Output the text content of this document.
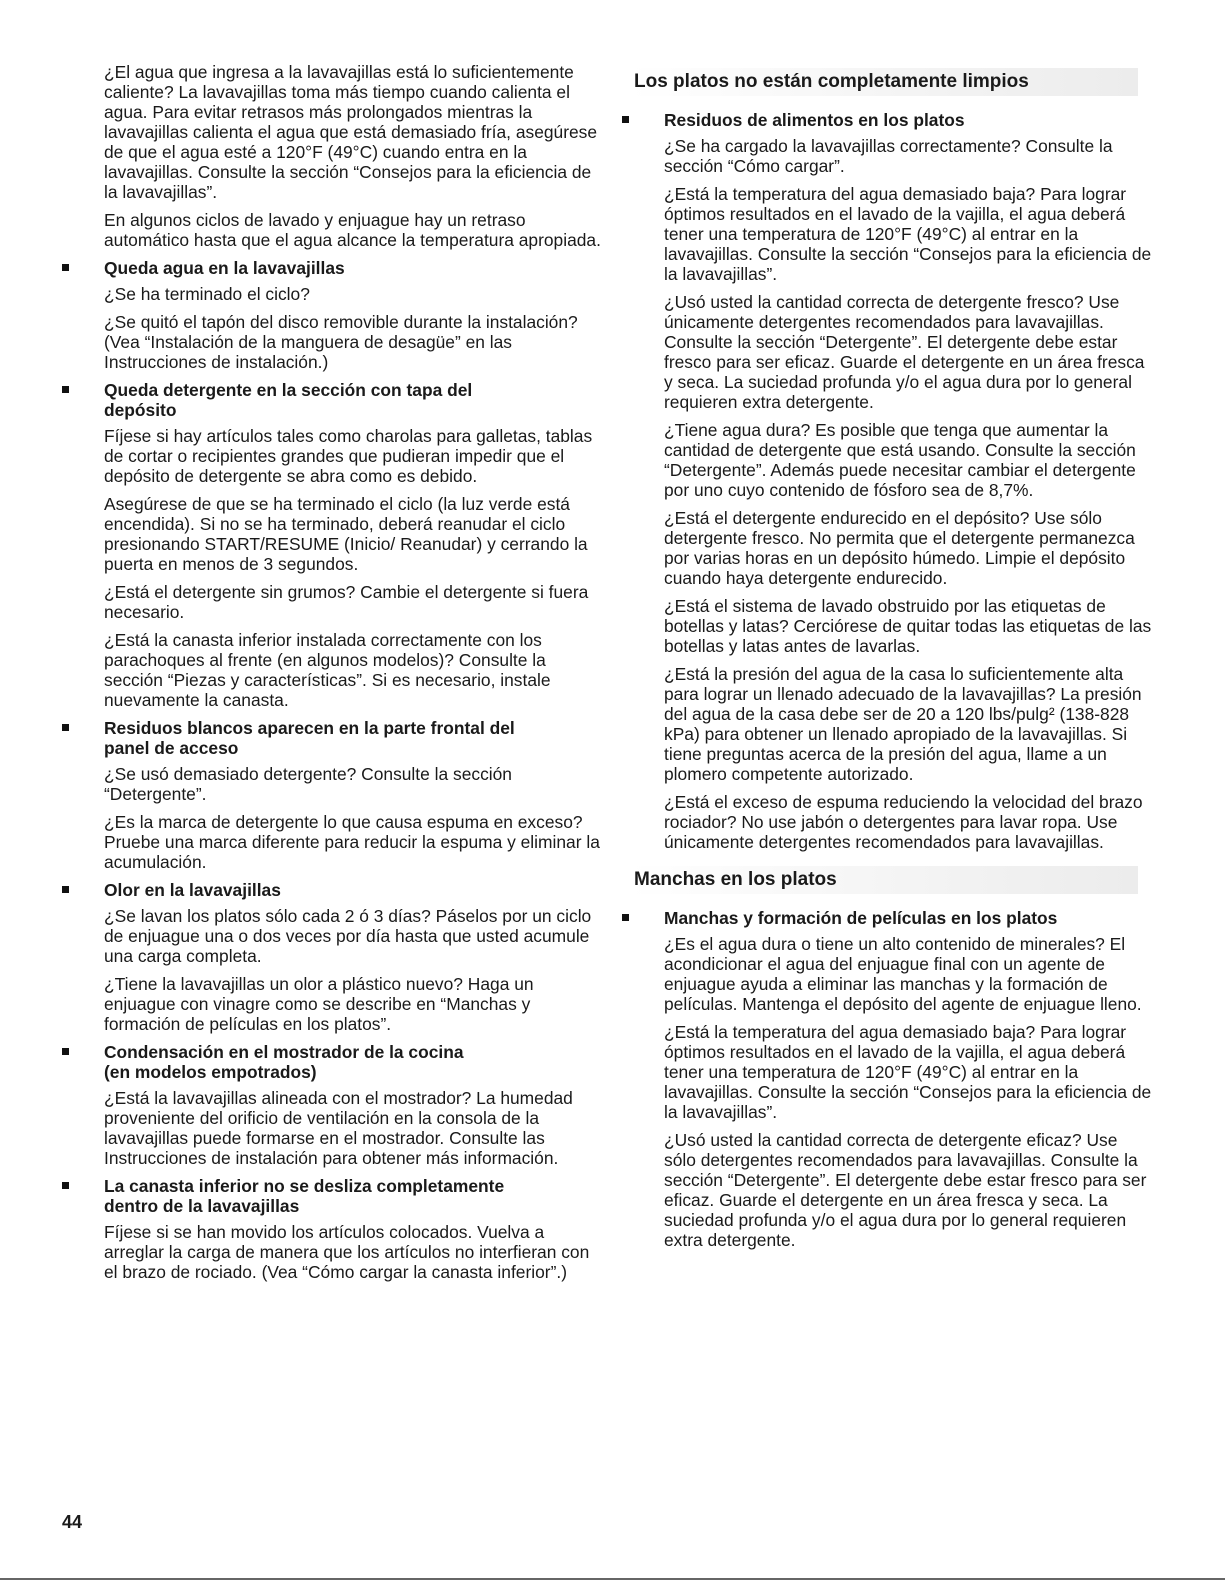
¿El agua que ingresa a la lavavajillas está lo suficientemente caliente? La lavavajillas toma más tiempo cuando calienta el agua. Para evitar retrasos más prolongados mientras la lavavajillas calienta el agua que está demasiado fría, asegúrese de que el agua esté a 120°F (49°C) cuando entra en la lavavajillas. Consulte la sección “Consejos para la eficiencia de la lavavajillas”.

En algunos ciclos de lavado y enjuague hay un retraso automático hasta que el agua alcance la temperatura apropiada.

Queda agua en la lavavajillas

¿Se ha terminado el ciclo?

¿Se quitó el tapón del disco removible durante la instalación? (Vea “Instalación de la manguera de desagüe” en las Instrucciones de instalación.)

Queda detergente en la sección con tapa del
depósito

Fíjese si hay artículos tales como charolas para galletas, tablas de cortar o recipientes grandes que pudieran impedir que el depósito de detergente se abra como es debido.

Asegúrese de que se ha terminado el ciclo (la luz verde está encendida). Si no se ha terminado, deberá reanudar el ciclo presionando START/RESUME (Inicio/ Reanudar) y cerrando la puerta en menos de 3 segundos.

¿Está el detergente sin grumos? Cambie el detergente si fuera necesario.

¿Está la canasta inferior instalada correctamente con los parachoques al frente (en algunos modelos)? Consulte la sección “Piezas y características”. Si es necesario, instale nuevamente la canasta.

Residuos blancos aparecen en la parte frontal del
panel de acceso

¿Se usó demasiado detergente? Consulte la sección “Detergente”.

¿Es la marca de detergente lo que causa espuma en exceso? Pruebe una marca diferente para reducir la espuma y eliminar la acumulación.

Olor en la lavavajillas

¿Se lavan los platos sólo cada 2 ó 3 días? Páselos por un ciclo de enjuague una o dos veces por día hasta que usted acumule una carga completa.

¿Tiene la lavavajillas un olor a plástico nuevo? Haga un enjuague con vinagre como se describe en “Manchas y formación de películas en los platos”.

Condensación en el mostrador de la cocina
(en modelos empotrados)

¿Está la lavavajillas alineada con el mostrador? La humedad proveniente del orificio de ventilación en la consola de la lavavajillas puede formarse en el mostrador. Consulte las Instrucciones de instalación para obtener más información.

La canasta inferior no se desliza completamente
dentro de la lavavajillas

Fíjese si se han movido los artículos colocados. Vuelva a arreglar la carga de manera que los artículos no interfieran con el brazo de rociado. (Vea “Cómo cargar la canasta inferior”.)

Los platos no están completamente limpios
Residuos de alimentos en los platos

¿Se ha cargado la lavavajillas correctamente? Consulte la sección “Cómo cargar”.

¿Está la temperatura del agua demasiado baja? Para lograr óptimos resultados en el lavado de la vajilla, el agua deberá tener una temperatura de 120°F (49°C) al entrar en la lavavajillas. Consulte la sección “Consejos para la eficiencia de la lavavajillas”.

¿Usó usted la cantidad correcta de detergente fresco? Use únicamente detergentes recomendados para lavavajillas. Consulte la sección “Detergente”. El detergente debe estar fresco para ser eficaz. Guarde el detergente en un área fresca y seca. La suciedad profunda y/o el agua dura por lo general requieren extra detergente.

¿Tiene agua dura? Es posible que tenga que aumentar la cantidad de detergente que está usando. Consulte la sección “Detergente”. Además puede necesitar cambiar el detergente por uno cuyo contenido de fósforo sea de 8,7%.

¿Está el detergente endurecido en el depósito? Use sólo detergente fresco. No permita que el detergente permanezca por varias horas en un depósito húmedo. Limpie el depósito cuando haya detergente endurecido.

¿Está el sistema de lavado obstruido por las etiquetas de botellas y latas? Cerciórese de quitar todas las etiquetas de las botellas y latas antes de lavarlas.

¿Está la presión del agua de la casa lo suficientemente alta para lograr un llenado adecuado de la lavavajillas? La presión del agua de la casa debe ser de 20 a 120 lbs/pulg² (138-828 kPa) para obtener un llenado apropiado de la lavavajillas. Si tiene preguntas acerca de la presión del agua, llame a un plomero competente autorizado.

¿Está el exceso de espuma reduciendo la velocidad del brazo rociador? No use jabón o detergentes para lavar ropa. Use únicamente detergentes recomendados para lavavajillas.

Manchas en los platos
Manchas y formación de películas en los platos

¿Es el agua dura o tiene un alto contenido de minerales? El acondicionar el agua del enjuague final con un agente de enjuague ayuda a eliminar las manchas y la formación de películas. Mantenga el depósito del agente de enjuague lleno.

¿Está la temperatura del agua demasiado baja? Para lograr óptimos resultados en el lavado de la vajilla, el agua deberá tener una temperatura de 120°F (49°C) al entrar en la lavavajillas. Consulte la sección “Consejos para la eficiencia de la lavavajillas”.

¿Usó usted la cantidad correcta de detergente eficaz? Use sólo detergentes recomendados para lavavajillas. Consulte la sección “Detergente”. El detergente debe estar fresco para ser eficaz. Guarde el detergente en un área fresca y seca. La suciedad profunda y/o el agua dura por lo general requieren extra detergente.

44
